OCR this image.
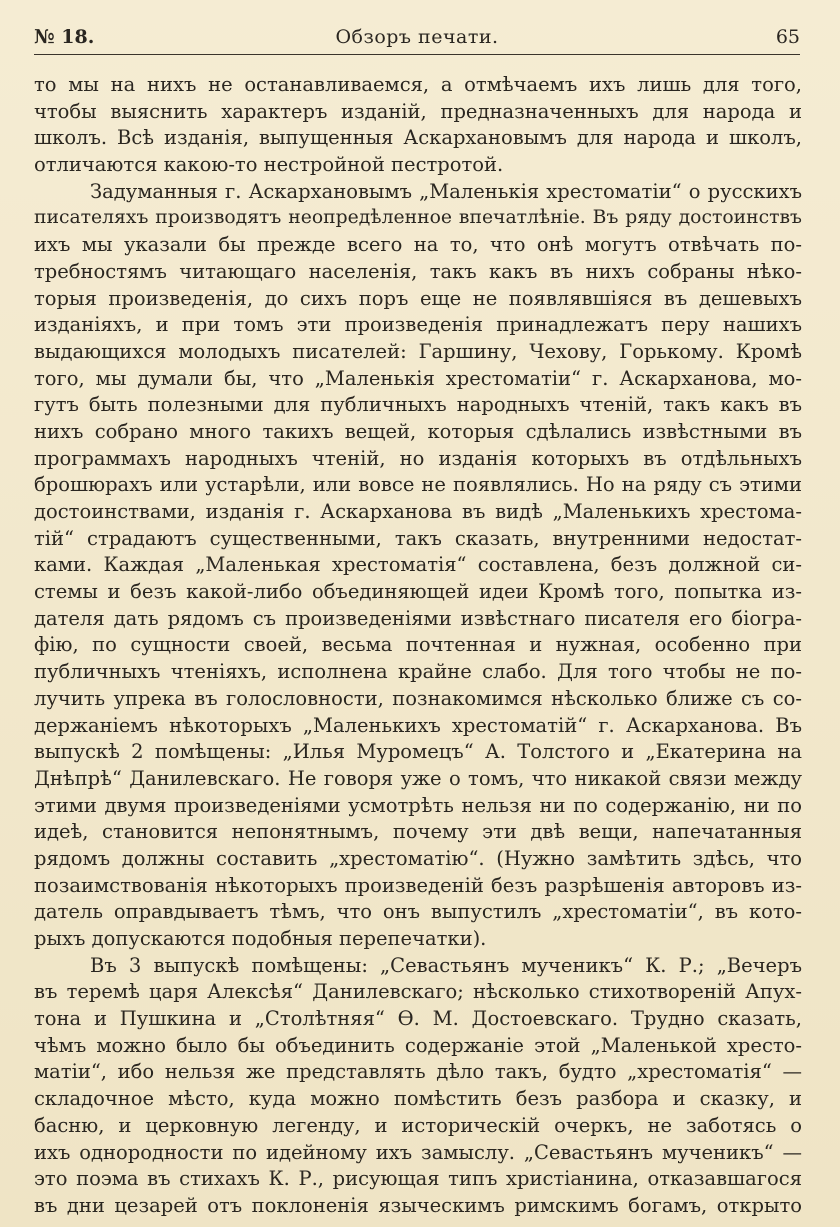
№ 18.	Обзоръ печати.	65
то мы на нихъ не останавливаемся, а отмѣчаемъ ихъ лишь для того,
чтобы выяснить характеръ изданій, предназначенныхъ для народа и
школъ. Всѣ изданія, выпущенныя Аскархановымъ для народа и школъ,
отличаются какою-то нестройной пестротой.
Задуманныя г. Аскархановымъ „Маленькія хрестоматіи“ о русскихъ
писателяхъ производятъ неопредѣленное впечатлѣніе. Въ ряду достоинствъ
ихъ мы указали бы прежде всего на то, что онѣ могутъ отвѣчать по-
требностямъ читающаго населенія, такъ какъ въ нихъ собраны нѣко-
торыя произведенія, до сихъ поръ еще не появлявшіяся въ дешевыхъ
изданіяхъ, и при томъ эти произведенія принадлежатъ перу нашихъ
выдающихся молодыхъ писателей: Гаршину, Чехову, Горькому. Кромѣ
того, мы думали бы, что „Маленькія хрестоматіи“ г. Аскарханова, мо-
гутъ быть полезными для публичныхъ народныхъ чтеній, такъ какъ въ
нихъ собрано много такихъ вещей, которыя сдѣлались извѣстными въ
программахъ народныхъ чтеній, но изданія которыхъ въ отдѣльныхъ
брошюрахъ или устарѣли, или вовсе не появлялись. Но на ряду съ этими
достоинствами, изданія г. Аскарханова въ видѣ „Маленькихъ хрестома-
тій“ страдаютъ существенными, такъ сказать, внутренними недостат-
ками. Каждая „Маленькая хрестоматія“ составлена, безъ должной си-
стемы и безъ какой-либо объединяющей идеи Кромѣ того, попытка из-
дателя дать рядомъ съ произведеніями извѣстнаго писателя его біогра-
фію, по сущности своей, весьма почтенная и нужная, особенно при
публичныхъ чтеніяхъ, исполнена крайне слабо. Для того чтобы не по-
лучить упрека въ голословности, познакомимся нѣсколько ближе съ со-
держаніемъ нѣкоторыхъ „Маленькихъ хрестоматій“ г. Аскарханова. Въ
выпускѣ 2 помѣщены: „Илья Муромецъ“ А. Толстого и „Екатерина на
Днѣпрѣ“ Данилевскаго. Не говоря уже о томъ, что никакой связи между
этими двумя произведеніями усмотрѣть нельзя ни по содержанію, ни по
идеѣ, становится непонятнымъ, почему эти двѣ вещи, напечатанныя
рядомъ должны составить „хрестоматію“. (Нужно замѣтить здѣсь, что
позаимствованія нѣкоторыхъ произведеній безъ разрѣшенія авторовъ из-
датель оправдываетъ тѣмъ, что онъ выпустилъ „хрестоматіи“, въ кото-
рыхъ допускаются подобныя перепечатки).
Въ 3 выпускѣ помѣщены: „Севастьянъ мученикъ“ К. Р.; „Вечеръ
въ теремѣ царя Алексѣя“ Данилевскаго; нѣсколько стихотвореній Апух-
тона и Пушкина и „Столѣтняя“ Ѳ. М. Достоевскаго. Трудно сказать,
чѣмъ можно было бы объединить содержаніе этой „Маленькой хресто-
матіи“, ибо нельзя же представлять дѣло такъ, будто „хрестоматія“ —
складочное мѣсто, куда можно помѣстить безъ разбора и сказку, и
басню, и церковную легенду, и историческій очеркъ, не заботясь о
ихъ однородности по идейному ихъ замыслу. „Севастьянъ мученикъ“ —
это поэма въ стихахъ К. Р., рисующая типъ христіанина, отказавшагося
въ дни цезарей отъ поклоненія языческимъ римскимъ богамъ, открыто
